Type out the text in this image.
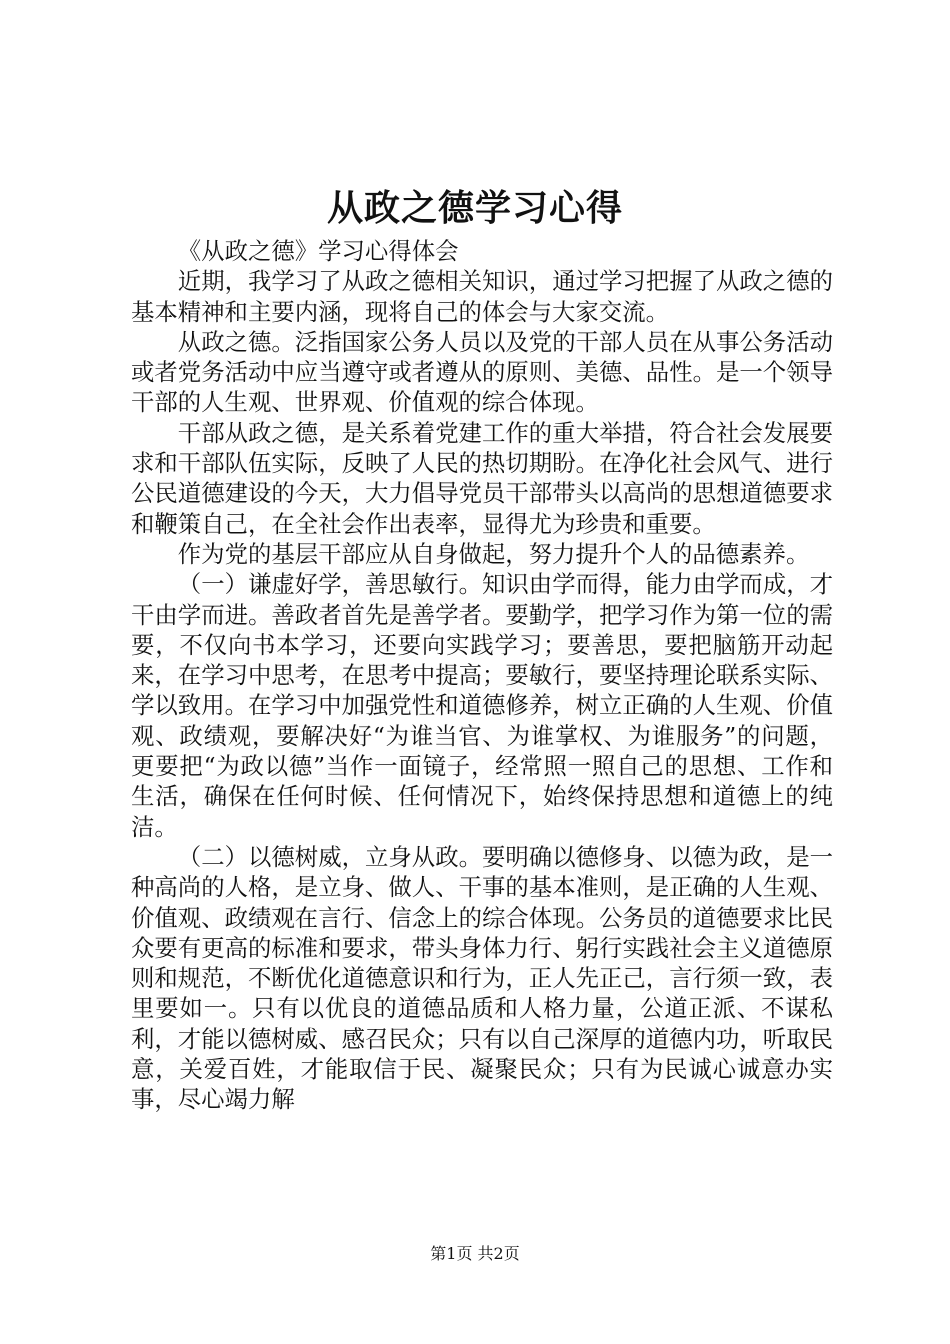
从政之德学习心得

《从政之德》学习心得体会

近期，我学习了从政之德相关知识，通过学习把握了从政之德的基本精神和主要内涵，现将自己的体会与大家交流。

从政之德。泛指国家公务人员以及党的干部人员在从事公务活动或者党务活动中应当遵守或者遵从的原则、美德、品性。是一个领导干部的人生观、世界观、价值观的综合体现。

干部从政之德，是关系着党建工作的重大举措，符合社会发展要求和干部队伍实际，反映了人民的热切期盼。在净化社会风气、进行公民道德建设的今天，大力倡导党员干部带头以高尚的思想道德要求和鞭策自己，在全社会作出表率，显得尤为珍贵和重要。

作为党的基层干部应从自身做起，努力提升个人的品德素养。

（一）谦虚好学，善思敏行。知识由学而得，能力由学而成，才干由学而进。善政者首先是善学者。要勤学，把学习作为第一位的需要，不仅向书本学习，还要向实践学习；要善思，要把脑筋开动起来，在学习中思考，在思考中提高；要敏行，要坚持理论联系实际、学以致用。在学习中加强党性和道德修养，树立正确的人生观、价值观、政绩观，要解决好“为谁当官、为谁掌权、为谁服务”的问题，更要把“为政以德”当作一面镜子，经常照一照自己的思想、工作和生活，确保在任何时候、任何情况下，始终保持思想和道德上的纯洁。

（二）以德树威，立身从政。要明确以德修身、以德为政，是一种高尚的人格，是立身、做人、干事的基本准则，是正确的人生观、价值观、政绩观在言行、信念上的综合体现。公务员的道德要求比民众要有更高的标准和要求，带头身体力行、躬行实践社会主义道德原则和规范，不断优化道德意识和行为，正人先正己，言行须一致，表里要如一。只有以优良的道德品质和人格力量，公道正派、不谋私利，才能以德树威、感召民众；只有以自己深厚的道德内功，听取民意，关爱百姓，才能取信于民、凝聚民众；只有为民诚心诚意办实事，尽心竭力解

第1页 共2页
